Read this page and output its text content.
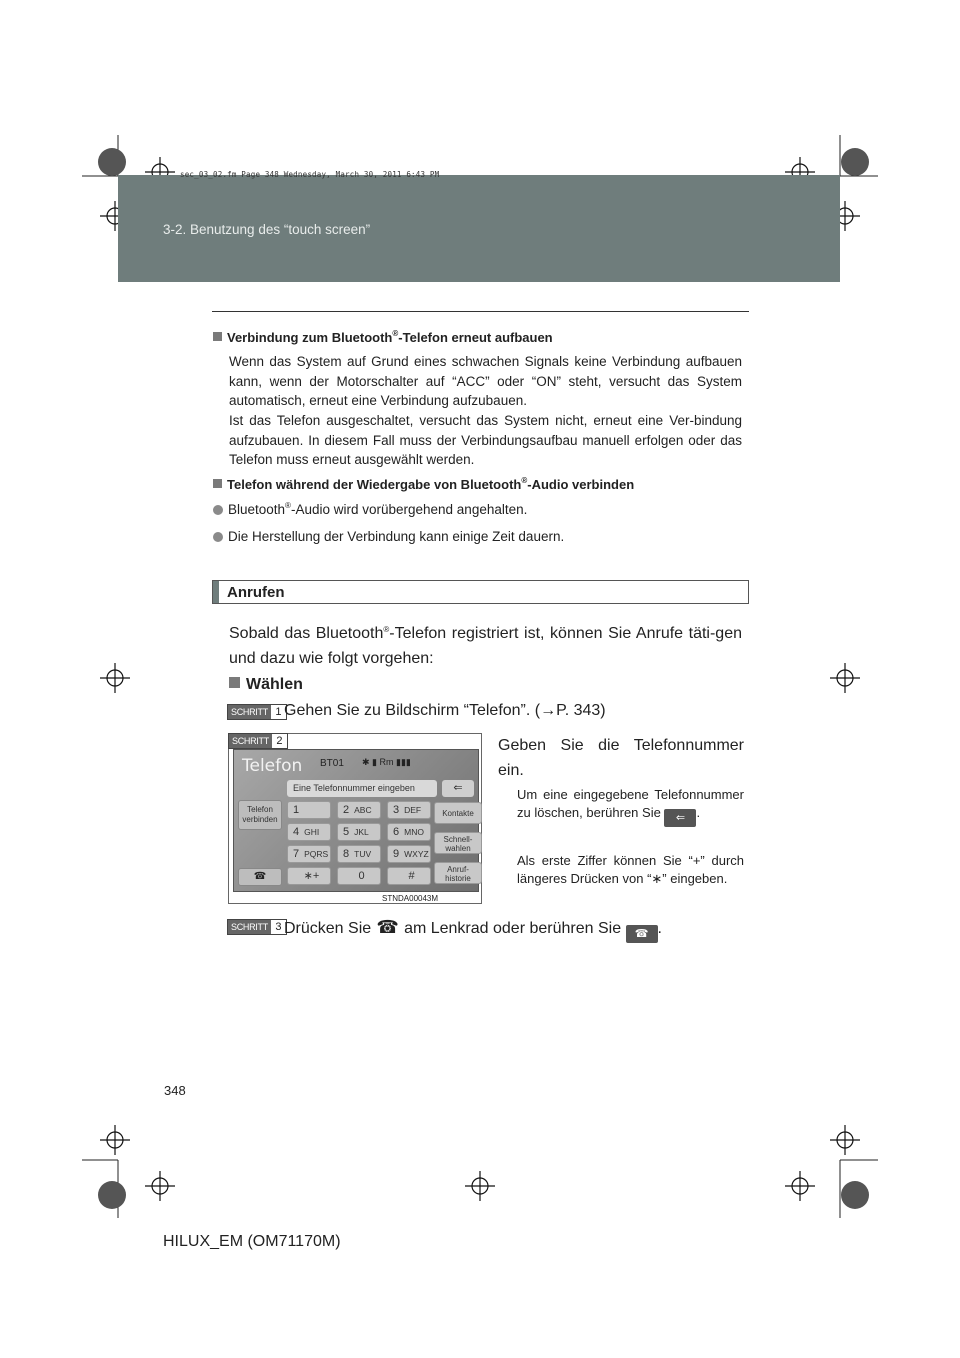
sec_03_02.fm Page 348 Wednesday, March 30, 2011 6:43 PM
3-2. Benutzung des “touch screen”
Verbindung zum Bluetooth®-Telefon erneut aufbauen
Wenn das System auf Grund eines schwachen Signals keine Verbindung aufbauen kann, wenn der Motorschalter auf “ACC” oder “ON” steht, versucht das System automatisch, erneut eine Verbindung aufzubauen.
Ist das Telefon ausgeschaltet, versucht das System nicht, erneut eine Ver-bindung aufzubauen. In diesem Fall muss der Verbindungsaufbau manuell erfolgen oder das Telefon muss erneut ausgewählt werden.
Telefon während der Wiedergabe von Bluetooth®-Audio verbinden
Bluetooth®-Audio wird vorübergehend angehalten.
Die Herstellung der Verbindung kann einige Zeit dauern.
Anrufen
Sobald das Bluetooth®-Telefon registriert ist, können Sie Anrufe täti-gen und dazu wie folgt vorgehen:
Wählen
SCHRITT 1 Gehen Sie zu Bildschirm “Telefon”. (→P. 343)
SCHRITT 2
Telefon BT01 ✱ ▮ Rm ▮▮▮
Eine Telefonnummer eingeben	⇐
Telefon verbinden
☎
1	2 ABC	3 DEF
4 GHI	5 JKL	6 MNO
7 PQRS	8 TUV	9 WXYZ
∗+	0	#
Kontakte
Schnell-
wahlen
Anruf-
historie
STNDA00043M
Geben Sie die Telefonnummer ein.
Um eine eingegebene Telefonnummer zu löschen, berühren Sie ⇐ .
Als erste Ziffer können Sie “+” durch längeres Drücken von “∗” eingeben.
SCHRITT 3 Drücken Sie ☎ am Lenkrad oder berühren Sie ☎ .
348
HILUX_EM (OM71170M)
